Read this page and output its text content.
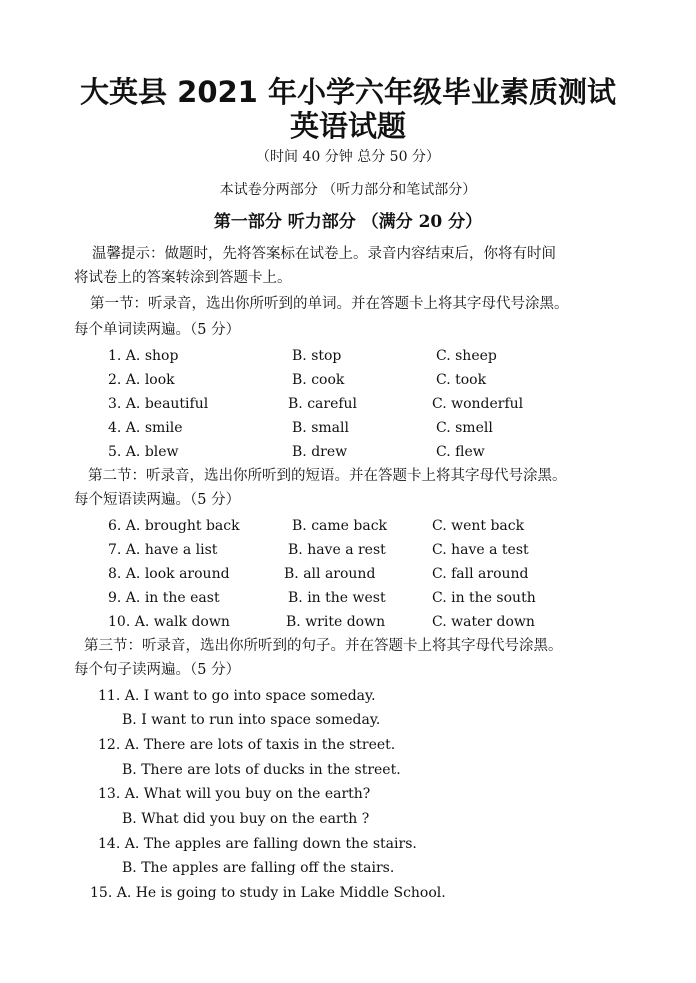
大英县 2021 年小学六年级毕业素质测试
英语试题
（时间 40 分钟 总分 50 分）
本试卷分两部分 （听力部分和笔试部分）
第一部分 听力部分 （满分 20 分）
温馨提示：做题时，先将答案标在试卷上。录音内容结束后，你将有时间
将试卷上的答案转涂到答题卡上。
第一节：听录音，选出你所听到的单词。并在答题卡上将其字母代号涂黑。
每个单词读两遍。（5 分）
1. A. shop	B. stop	C. sheep
2. A. look	B. cook	C. took
3. A. beautiful	B. careful	C. wonderful
4. A. smile	B. small	C. smell
5. A. blew	B. drew	C. flew
第二节：听录音，选出你所听到的短语。并在答题卡上将其字母代号涂黑。
每个短语读两遍。（5 分）
6. A. brought back	B. came back	C. went back
7. A. have a list	B. have a rest	C. have a test
8. A. look around	B. all around	C. fall around
9. A. in the east	B. in the west	C. in the south
10. A. walk down	B. write down	C. water down
第三节：听录音，选出你所听到的句子。并在答题卡上将其字母代号涂黑。
每个句子读两遍。（5 分）
11. A. I want to go into space someday.
B. I want to run into space someday.
12. A. There are lots of taxis in the street.
B. There are lots of ducks in the street.
13. A. What will you buy on the earth?
B. What did you buy on the earth ?
14. A. The apples are falling down the stairs.
B. The apples are falling off the stairs.
15. A. He is going to study in Lake Middle School.
